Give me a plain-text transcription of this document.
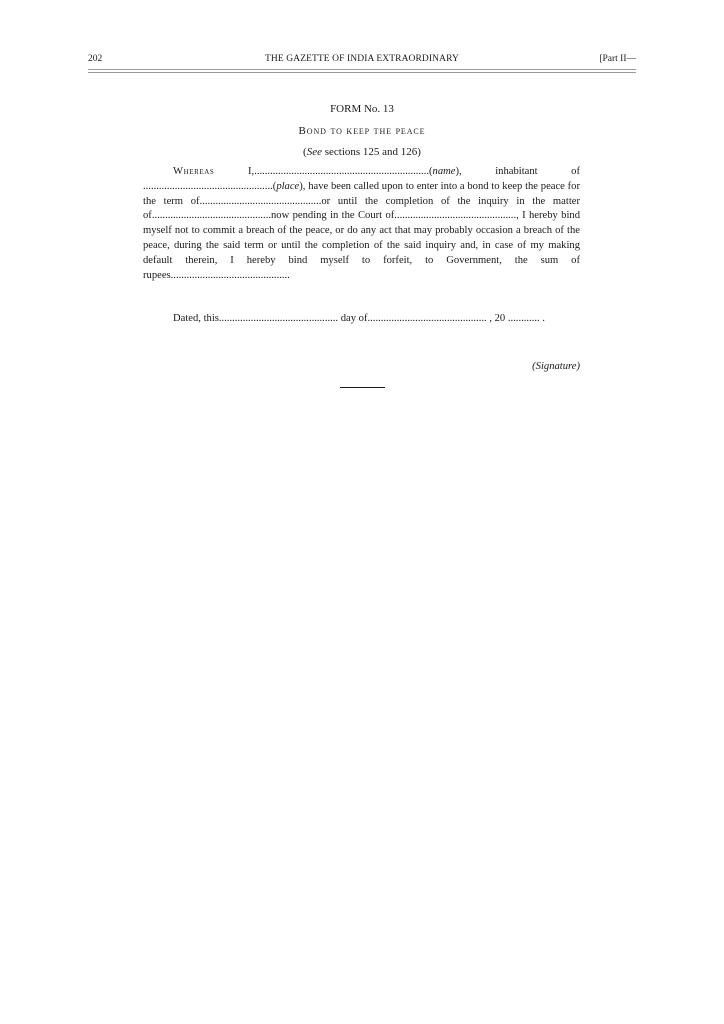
202	THE GAZETTE OF INDIA EXTRAORDINARY	[Part II—
FORM No. 13
Bond to keep the peace
(See sections 125 and 126)
Whereas I,..................................................................(name), inhabitant of .................................................(place), have been called upon to enter into a bond to keep the peace for the term of..............................................or until the completion of the inquiry in the matter of.............................................now pending in the Court of.............................................., I hereby bind myself not to commit a breach of the peace, or do any act that may probably occasion a breach of the peace, during the said term or until the completion of the said inquiry and, in case of my making default therein, I hereby bind myself to forfeit, to Government, the sum of rupees.............................................
Dated, this............................................. day of............................................. , 20 ............ .
(Signature)
